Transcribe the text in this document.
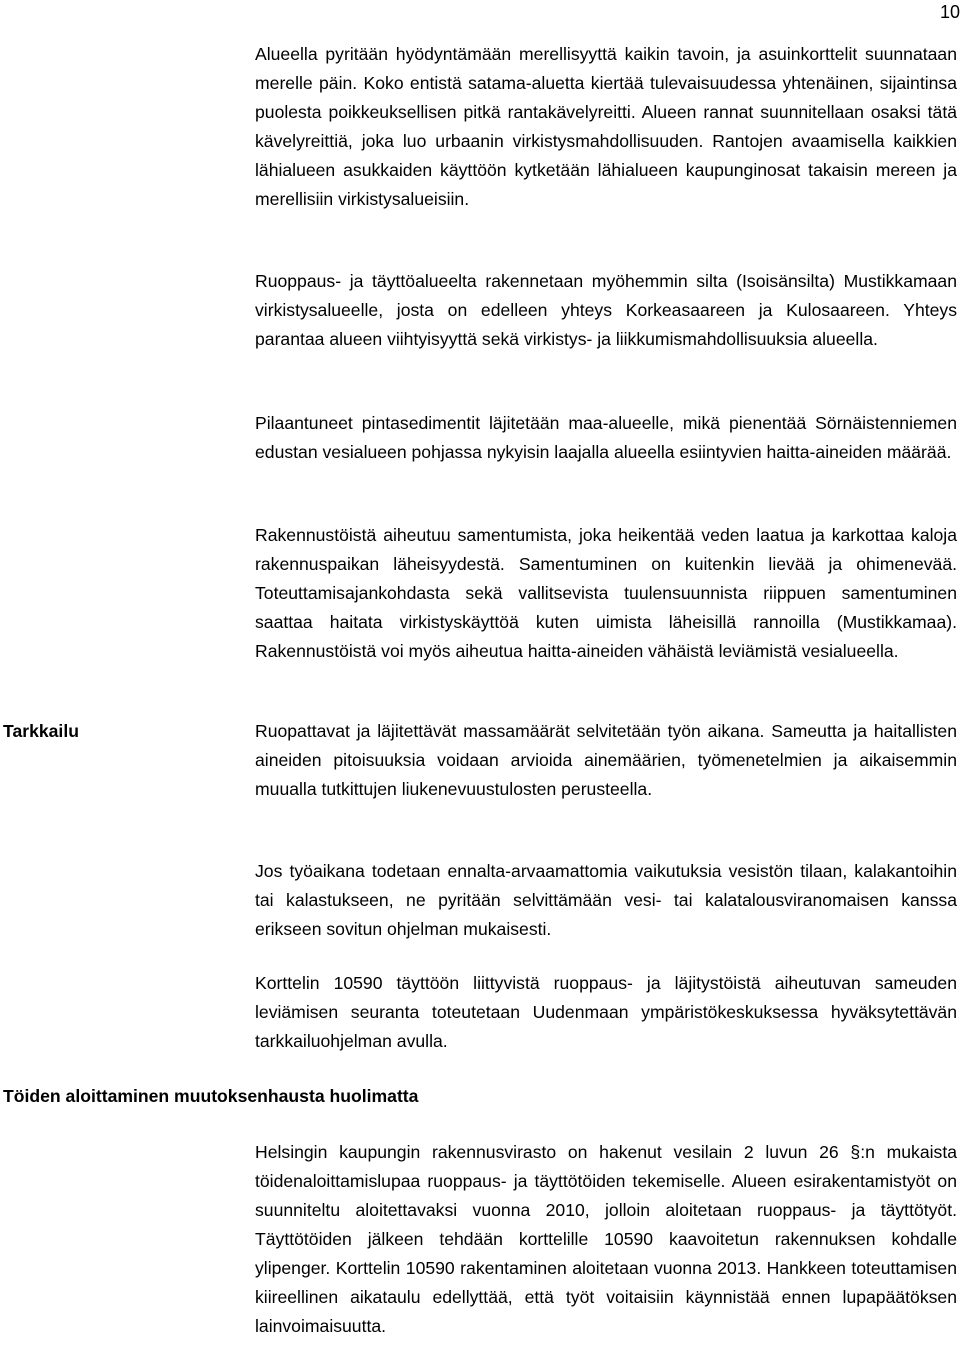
10

Alueella pyritään hyödyntämään merellisyyttä kaikin tavoin, ja asuinkorttelit suunnataan merelle päin. Koko entistä satama-aluetta kiertää tulevaisuudessa yhtenäinen, sijaintinsa puolesta poikkeuksellisen pitkä rantakävelyreitti. Alueen rannat suunnitellaan osaksi tätä kävelyreittiä, joka luo urbaanin virkistysmahdollisuuden. Rantojen avaamisella kaikkien lähialueen asukkaiden käyttöön kytketään lähialueen kaupunginosat takaisin mereen ja merellisiin virkistysalueisiin.

Ruoppaus- ja täyttöalueelta rakennetaan myöhemmin silta (Isoisänsilta) Mustikkamaan virkistysalueelle, josta on edelleen yhteys Korkeasaareen ja Kulosaareen. Yhteys parantaa alueen viihtyisyyttä sekä virkistys- ja liikkumismahdollisuuksia alueella.

Pilaantuneet pintasedimentit läjitetään maa-alueelle, mikä pienentää Sörnäistenniemen edustan vesialueen pohjassa nykyisin laajalla alueella esiintyvien haitta-aineiden määrää.

Rakennustöistä aiheutuu samentumista, joka heikentää veden laatua ja karkottaa kaloja rakennuspaikan läheisyydestä. Samentuminen on kuitenkin lievää ja ohimenevää. Toteuttamisajankohdasta sekä vallitsevista tuulensuunnista riippuen samentuminen saattaa haitata virkistyskäyttöä kuten uimista läheisillä rannoilla (Mustikkamaa). Rakennustöistä voi myös aiheutua haitta-aineiden vähäistä leviämistä vesialueella.

Tarkkailu	Ruopattavat ja läjitettävät massamäärät selvitetään työn aikana. Sameutta ja haitallisten aineiden pitoisuuksia voidaan arvioida ainemäärien, työmenetelmien ja aikaisemmin muualla tutkittujen liukenevuustulosten perusteella.

Jos työaikana todetaan ennalta-arvaamattomia vaikutuksia vesistön tilaan, kalakantoihin tai kalastukseen, ne pyritään selvittämään vesi- tai kalatalousviranomaisen kanssa erikseen sovitun ohjelman mukaisesti.

Korttelin 10590 täyttöön liittyvistä ruoppaus- ja läjitystöistä aiheutuvan sameuden leviämisen seuranta toteutetaan Uudenmaan ympäristökeskuksessa hyväksytettävän tarkkailuohjelman avulla.

Töiden aloittaminen muutoksenhausta huolimatta

Helsingin kaupungin rakennusvirasto on hakenut vesilain 2 luvun 26 §:n mukaista töidenaloittamislupaa ruoppaus- ja täyttötöiden tekemiselle. Alueen esirakentamistyöt on suunniteltu aloitettavaksi vuonna 2010, jolloin aloitetaan ruoppaus- ja täyttötyöt. Täyttötöiden jälkeen tehdään korttelille 10590 kaavoitetun rakennuksen kohdalle ylipenger. Korttelin 10590 rakentaminen aloitetaan vuonna 2013. Hankkeen toteuttamisen kiireellinen aikataulu edellyttää, että työt voitaisiin käynnistää ennen lupapäätöksen lainvoimaisuutta.
